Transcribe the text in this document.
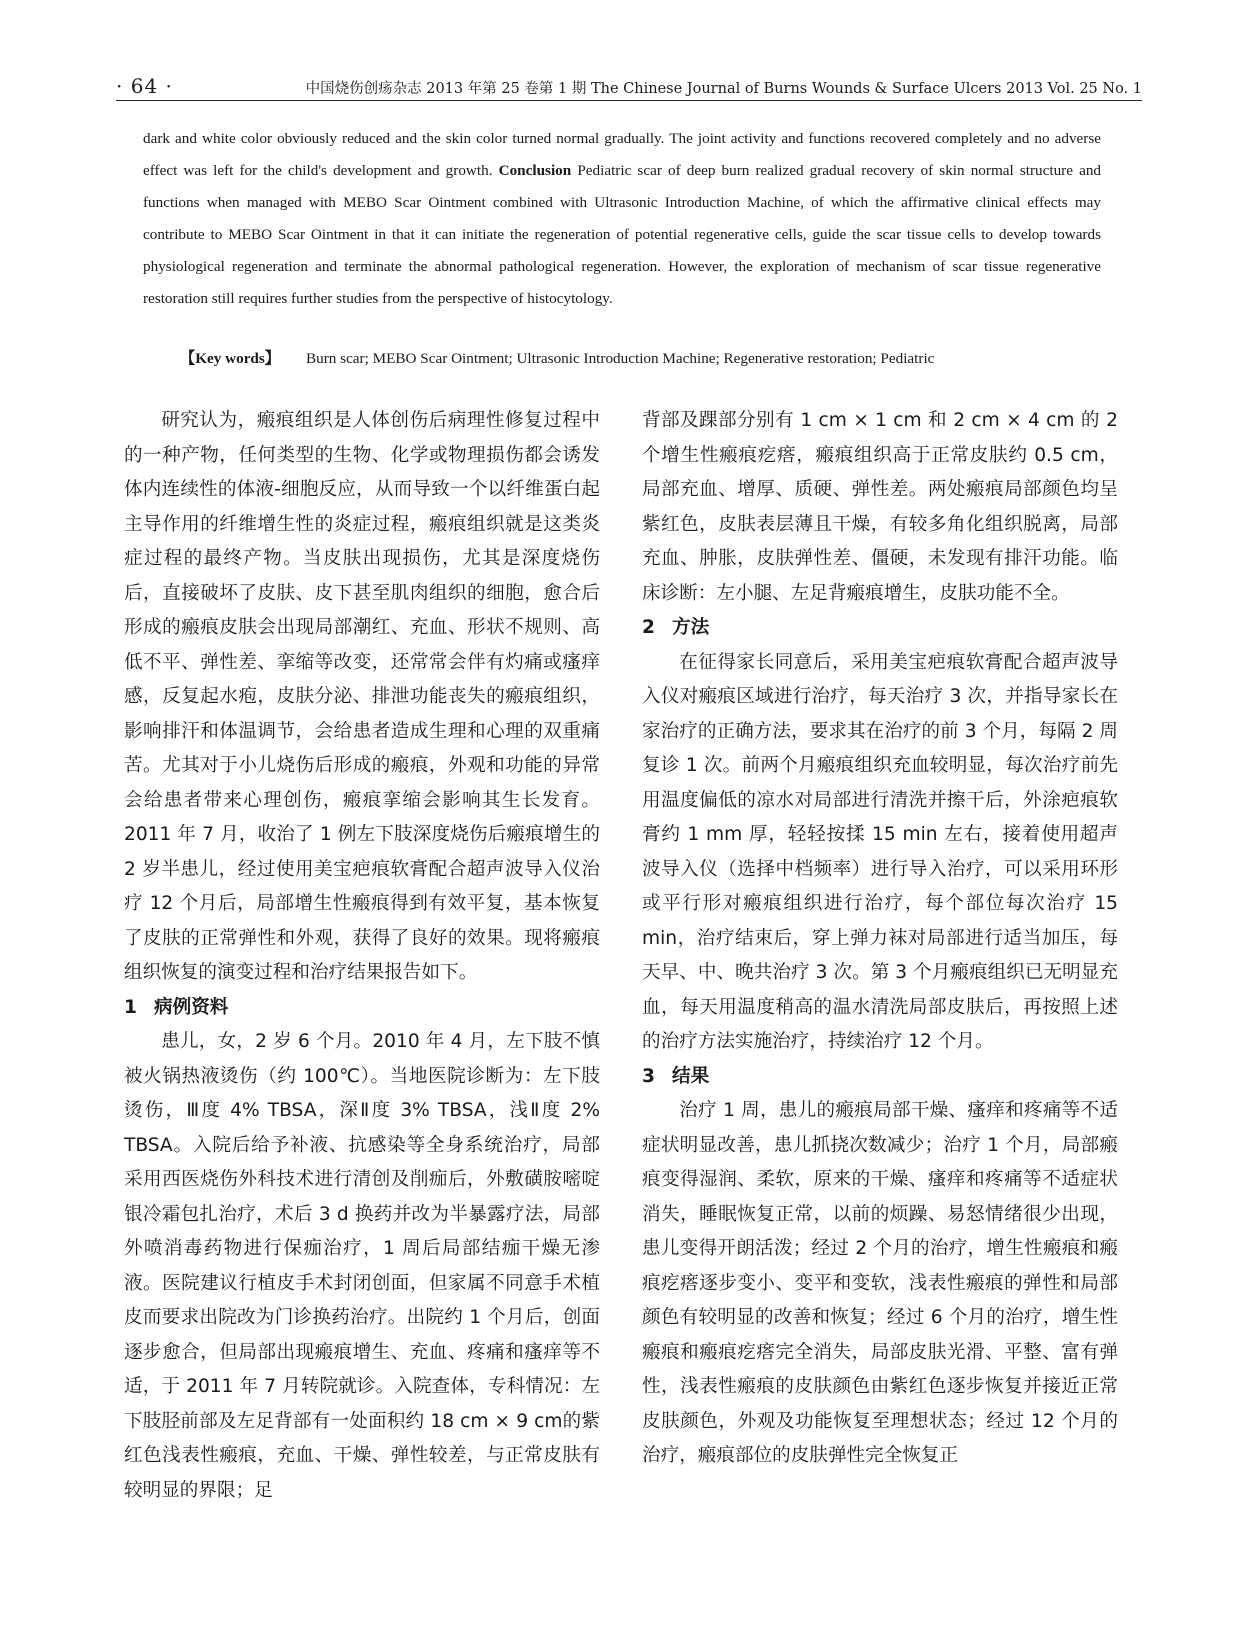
· 64 ·	中国烧伤创疡杂志 2013 年第 25 卷第 1 期 The Chinese Journal of Burns Wounds & Surface Ulcers 2013 Vol. 25 No. 1
dark and white color obviously reduced and the skin color turned normal gradually. The joint activity and functions recovered completely and no adverse effect was left for the child's development and growth. Conclusion Pediatric scar of deep burn realized gradual recovery of skin normal structure and functions when managed with MEBO Scar Ointment combined with Ultrasonic Introduction Machine, of which the affirmative clinical effects may contribute to MEBO Scar Ointment in that it can initiate the regeneration of potential regenerative cells, guide the scar tissue cells to develop towards physiological regeneration and terminate the abnormal pathological regeneration. However, the exploration of mechanism of scar tissue regenerative restoration still requires further studies from the perspective of histocytology.
【Key words】 Burn scar; MEBO Scar Ointment; Ultrasonic Introduction Machine; Regenerative restoration; Pediatric

研究认为，瘢痕组织是人体创伤后病理性修复过程中的一种产物，任何类型的生物、化学或物理损伤都会诱发体内连续性的体液-细胞反应，从而导致一个以纤维蛋白起主导作用的纤维增生性的炎症过程，瘢痕组织就是这类炎症过程的最终产物。当皮肤出现损伤，尤其是深度烧伤后，直接破坏了皮肤、皮下甚至肌肉组织的细胞，愈合后形成的瘢痕皮肤会出现局部潮红、充血、形状不规则、高低不平、弹性差、挛缩等改变，还常常会伴有灼痛或瘙痒感，反复起水疱，皮肤分泌、排泄功能丧失的瘢痕组织，影响排汗和体温调节，会给患者造成生理和心理的双重痛苦。尤其对于小儿烧伤后形成的瘢痕，外观和功能的异常会给患者带来心理创伤，瘢痕挛缩会影响其生长发育。2011 年 7 月，收治了 1 例左下肢深度烧伤后瘢痕增生的 2 岁半患儿，经过使用美宝疤痕软膏配合超声波导入仪治疗 12 个月后，局部增生性瘢痕得到有效平复，基本恢复了皮肤的正常弹性和外观，获得了良好的效果。现将瘢痕组织恢复的演变过程和治疗结果报告如下。

1 病例资料

患儿，女，2 岁 6 个月。2010 年 4 月，左下肢不慎被火锅热液烫伤（约 100℃）。当地医院诊断为：左下肢烫伤，Ⅲ度 4% TBSA，深Ⅱ度 3% TBSA，浅Ⅱ度 2% TBSA。入院后给予补液、抗感染等全身系统治疗，局部采用西医烧伤外科技术进行清创及削痂后，外敷磺胺嘧啶银冷霜包扎治疗，术后 3 d 换药并改为半暴露疗法，局部外喷消毒药物进行保痂治疗，1 周后局部结痂干燥无渗液。医院建议行植皮手术封闭创面，但家属不同意手术植皮而要求出院改为门诊换药治疗。出院约 1 个月后，创面逐步愈合，但局部出现瘢痕增生、充血、疼痛和瘙痒等不适，于 2011 年 7 月转院就诊。入院查体，专科情况：左下肢胫前部及左足背部有一处面积约 18 cm × 9 cm的紫红色浅表性瘢痕，充血、干燥、弹性较差，与正常皮肤有较明显的界限；足

背部及踝部分别有 1 cm × 1 cm 和 2 cm × 4 cm 的 2 个增生性瘢痕疙瘩，瘢痕组织高于正常皮肤约 0.5 cm，局部充血、增厚、质硬、弹性差。两处瘢痕局部颜色均呈紫红色，皮肤表层薄且干燥，有较多角化组织脱离，局部充血、肿胀，皮肤弹性差、僵硬，未发现有排汗功能。临床诊断：左小腿、左足背瘢痕增生，皮肤功能不全。

2 方法

在征得家长同意后，采用美宝疤痕软膏配合超声波导入仪对瘢痕区域进行治疗，每天治疗 3 次，并指导家长在家治疗的正确方法，要求其在治疗的前 3 个月，每隔 2 周复诊 1 次。前两个月瘢痕组织充血较明显，每次治疗前先用温度偏低的凉水对局部进行清洗并擦干后，外涂疤痕软膏约 1 mm 厚，轻轻按揉 15 min 左右，接着使用超声波导入仪（选择中档频率）进行导入治疗，可以采用环形或平行形对瘢痕组织进行治疗，每个部位每次治疗 15 min，治疗结束后，穿上弹力袜对局部进行适当加压，每天早、中、晚共治疗 3 次。第 3 个月瘢痕组织已无明显充血，每天用温度稍高的温水清洗局部皮肤后，再按照上述的治疗方法实施治疗，持续治疗 12 个月。

3 结果

治疗 1 周，患儿的瘢痕局部干燥、瘙痒和疼痛等不适症状明显改善，患儿抓挠次数减少；治疗 1 个月，局部瘢痕变得湿润、柔软，原来的干燥、瘙痒和疼痛等不适症状消失，睡眠恢复正常，以前的烦躁、易怒情绪很少出现，患儿变得开朗活泼；经过 2 个月的治疗，增生性瘢痕和瘢痕疙瘩逐步变小、变平和变软，浅表性瘢痕的弹性和局部颜色有较明显的改善和恢复；经过 6 个月的治疗，增生性瘢痕和瘢痕疙瘩完全消失，局部皮肤光滑、平整、富有弹性，浅表性瘢痕的皮肤颜色由紫红色逐步恢复并接近正常皮肤颜色，外观及功能恢复至理想状态；经过 12 个月的治疗，瘢痕部位的皮肤弹性完全恢复正
